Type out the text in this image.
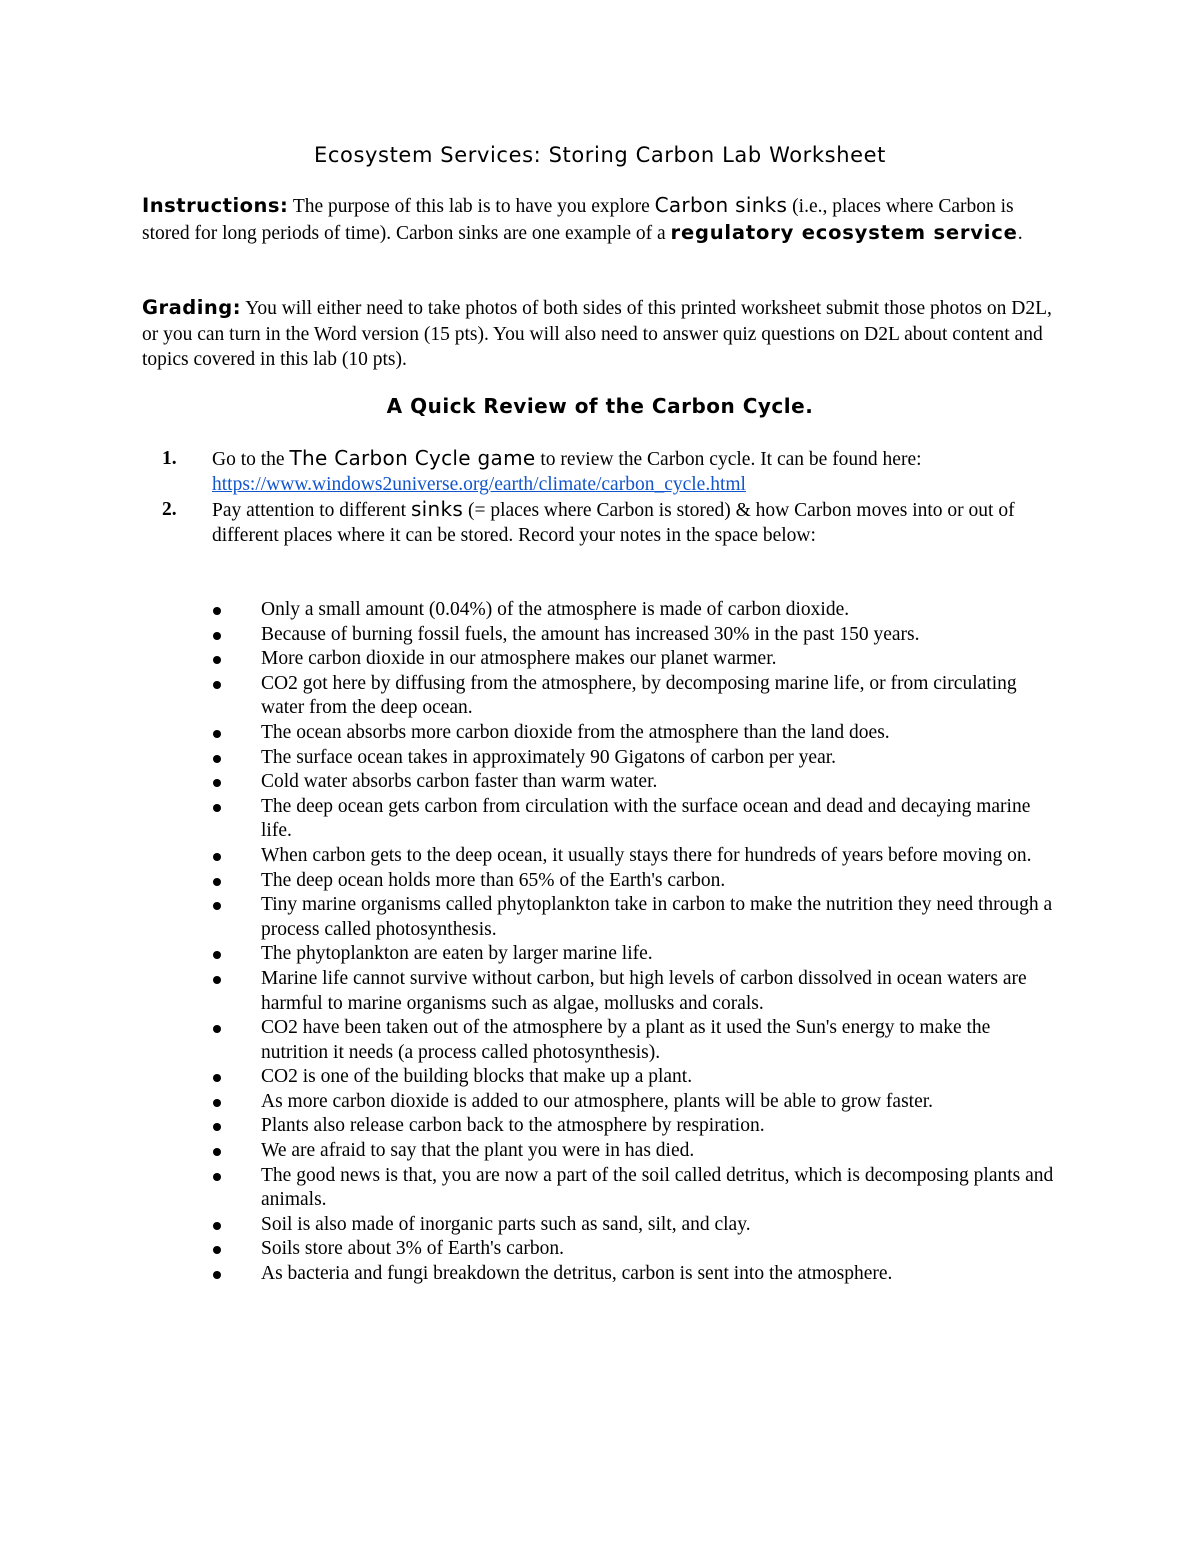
Ecosystem Services: Storing Carbon Lab Worksheet

Instructions: The purpose of this lab is to have you explore Carbon sinks (i.e., places where Carbon is stored for long periods of time). Carbon sinks are one example of a regulatory ecosystem service.

Grading: You will either need to take photos of both sides of this printed worksheet submit those photos on D2L, or you can turn in the Word version (15 pts). You will also need to answer quiz questions on D2L about content and topics covered in this lab (10 pts).

A Quick Review of the Carbon Cycle.
1. Go to the The Carbon Cycle game to review the Carbon cycle. It can be found here:
https://www.windows2universe.org/earth/climate/carbon_cycle.html
2. Pay attention to different sinks (= places where Carbon is stored) & how Carbon moves into or out of different places where it can be stored. Record your notes in the space below:
Only a small amount (0.04%) of the atmosphere is made of carbon dioxide.
Because of burning fossil fuels, the amount has increased 30% in the past 150 years.
More carbon dioxide in our atmosphere makes our planet warmer.
CO2 got here by diffusing from the atmosphere, by decomposing marine life, or from circulating water from the deep ocean.
The ocean absorbs more carbon dioxide from the atmosphere than the land does.
The surface ocean takes in approximately 90 Gigatons of carbon per year.
Cold water absorbs carbon faster than warm water.
The deep ocean gets carbon from circulation with the surface ocean and dead and decaying marine life.
When carbon gets to the deep ocean, it usually stays there for hundreds of years before moving on.
The deep ocean holds more than 65% of the Earth's carbon.
Tiny marine organisms called phytoplankton take in carbon to make the nutrition they need through a process called photosynthesis.
The phytoplankton are eaten by larger marine life.
Marine life cannot survive without carbon, but high levels of carbon dissolved in ocean waters are harmful to marine organisms such as algae, mollusks and corals.
CO2 have been taken out of the atmosphere by a plant as it used the Sun's energy to make the nutrition it needs (a process called photosynthesis).
CO2 is one of the building blocks that make up a plant.
As more carbon dioxide is added to our atmosphere, plants will be able to grow faster.
Plants also release carbon back to the atmosphere by respiration.
We are afraid to say that the plant you were in has died.
The good news is that, you are now a part of the soil called detritus, which is decomposing plants and animals.
Soil is also made of inorganic parts such as sand, silt, and clay.
Soils store about 3% of Earth's carbon.
As bacteria and fungi breakdown the detritus, carbon is sent into the atmosphere.
